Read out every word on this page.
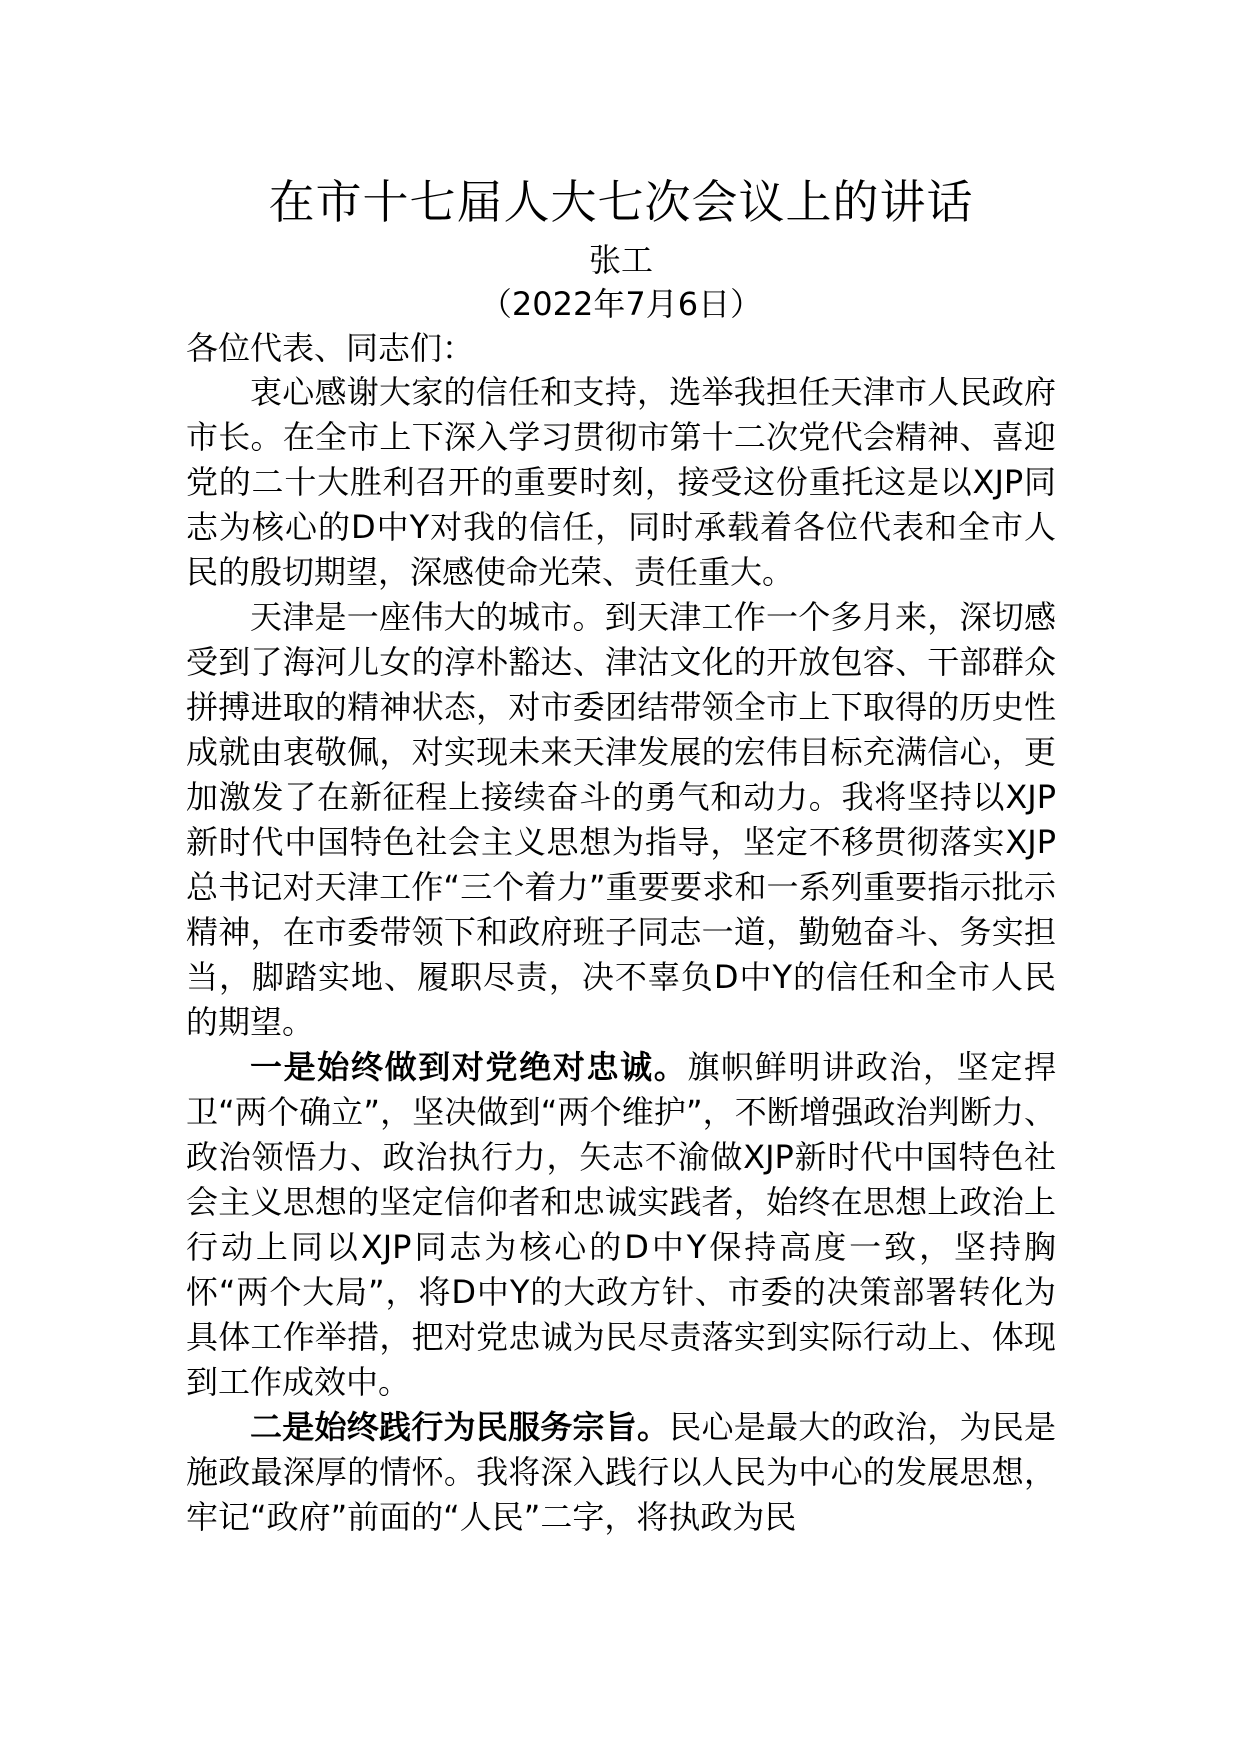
在市十七届人大七次会议上的讲话
张工
（2022年7月6日）
各位代表、同志们：

衷心感谢大家的信任和支持，选举我担任天津市人民政府市长。在全市上下深入学习贯彻市第十二次党代会精神、喜迎党的二十大胜利召开的重要时刻，接受这份重托这是以XJP同志为核心的D中Y对我的信任，同时承载着各位代表和全市人民的殷切期望，深感使命光荣、责任重大。

天津是一座伟大的城市。到天津工作一个多月来，深切感受到了海河儿女的淳朴豁达、津沽文化的开放包容、干部群众拼搏进取的精神状态，对市委团结带领全市上下取得的历史性成就由衷敬佩，对实现未来天津发展的宏伟目标充满信心，更加激发了在新征程上接续奋斗的勇气和动力。我将坚持以XJP新时代中国特色社会主义思想为指导，坚定不移贯彻落实XJP总书记对天津工作“三个着力”重要要求和一系列重要指示批示精神，在市委带领下和政府班子同志一道，勤勉奋斗、务实担当，脚踏实地、履职尽责，决不辜负D中Y的信任和全市人民的期望。

一是始终做到对党绝对忠诚。旗帜鲜明讲政治，坚定捍卫“两个确立”，坚决做到“两个维护”，不断增强政治判断力、政治领悟力、政治执行力，矢志不渝做XJP新时代中国特色社会主义思想的坚定信仰者和忠诚实践者，始终在思想上政治上行动上同以XJP同志为核心的D中Y保持高度一致，坚持胸怀“两个大局”，将D中Y的大政方针、市委的决策部署转化为具体工作举措，把对党忠诚为民尽责落实到实际行动上、体现到工作成效中。

二是始终践行为民服务宗旨。民心是最大的政治，为民是施政最深厚的情怀。我将深入践行以人民为中心的发展思想，牢记“政府”前面的“人民”二字，将执政为民
